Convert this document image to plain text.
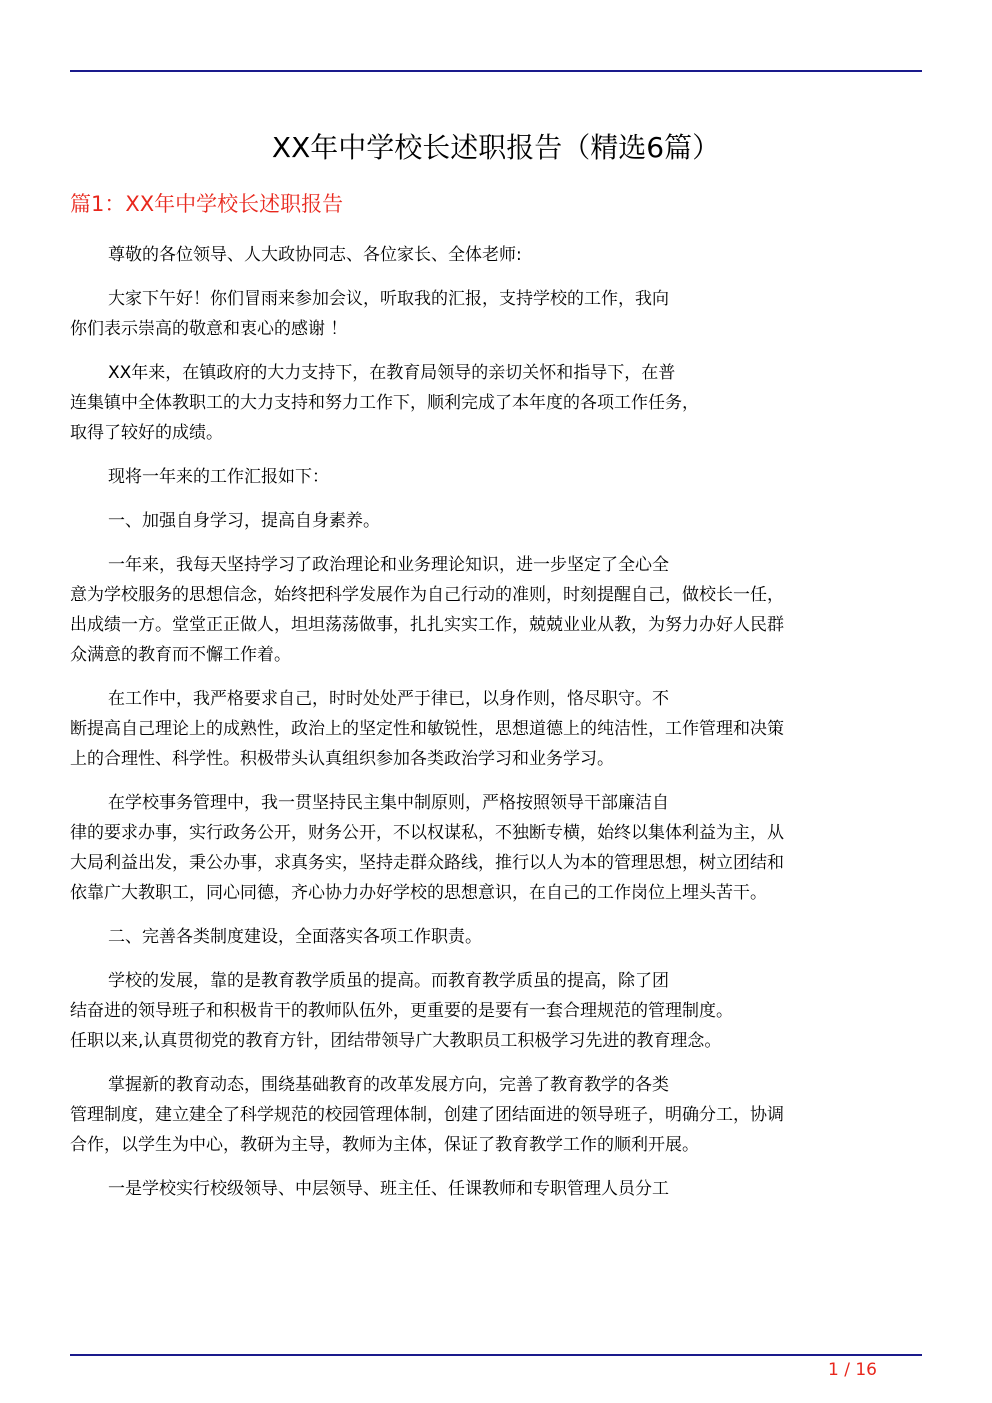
XX年中学校长述职报告（精选6篇）
篇1：XX年中学校长述职报告

尊敬的各位领导、人大政协同志、各位家长、全体老师:

大家下午好！你们冒雨来参加会议，听取我的汇报，支持学校的工作，我向
你们表示崇高的敬意和衷心的感谢 ！

XX年来，在镇政府的大力支持下，在教育局领导的亲切关怀和指导下，在普
连集镇中全体教职工的大力支持和努力工作下，顺利完成了本年度的各项工作任务，
取得了较好的成绩。

现将一年来的工作汇报如下：

一、加强自身学习，提高自身素养。

一年来，我每天坚持学习了政治理论和业务理论知识，进一步坚定了全心全
意为学校服务的思想信念，始终把科学发展作为自己行动的准则，时刻提醒自己，做校长一任，
出成绩一方。堂堂正正做人，坦坦荡荡做事，扎扎实实工作，兢兢业业从教，为努力办好人民群
众满意的教育而不懈工作着。

在工作中，我严格要求自己，时时处处严于律已，以身作则，恪尽职守。不
断提高自己理论上的成熟性，政治上的坚定性和敏锐性，思想道德上的纯洁性，工作管理和决策
上的合理性、科学性。积极带头认真组织参加各类政治学习和业务学习。

在学校事务管理中，我一贯坚持民主集中制原则，严格按照领导干部廉洁自
律的要求办事，实行政务公开，财务公开，不以权谋私，不独断专横，始终以集体利益为主，从
大局利益出发，秉公办事，求真务实，坚持走群众路线，推行以人为本的管理思想，树立团结和
依靠广大教职工，同心同德，齐心协力办好学校的思想意识，在自己的工作岗位上埋头苦干。

二、完善各类制度建设，全面落实各项工作职责。

学校的发展，靠的是教育教学质虽的提高。而教育教学质虽的提高，除了团
结奋进的领导班子和积极肯干的教师队伍外，更重要的是要有一套合理规范的管理制度。
任职以来,认真贯彻党的教育方针，团结带领导广大教职员工积极学习先进的教育理念。

掌握新的教育动态，围绕基础教育的改革发展方向，完善了教育教学的各类
管理制度，建立建全了科学规范的校园管理体制，创建了团结面进的领导班子，明确分工，协调
合作，以学生为中心，教研为主导，教师为主体，保证了教育教学工作的顺利开展。

一是学校实行校级领导、中层领导、班主任、任课教师和专职管理人员分工

1 / 16
